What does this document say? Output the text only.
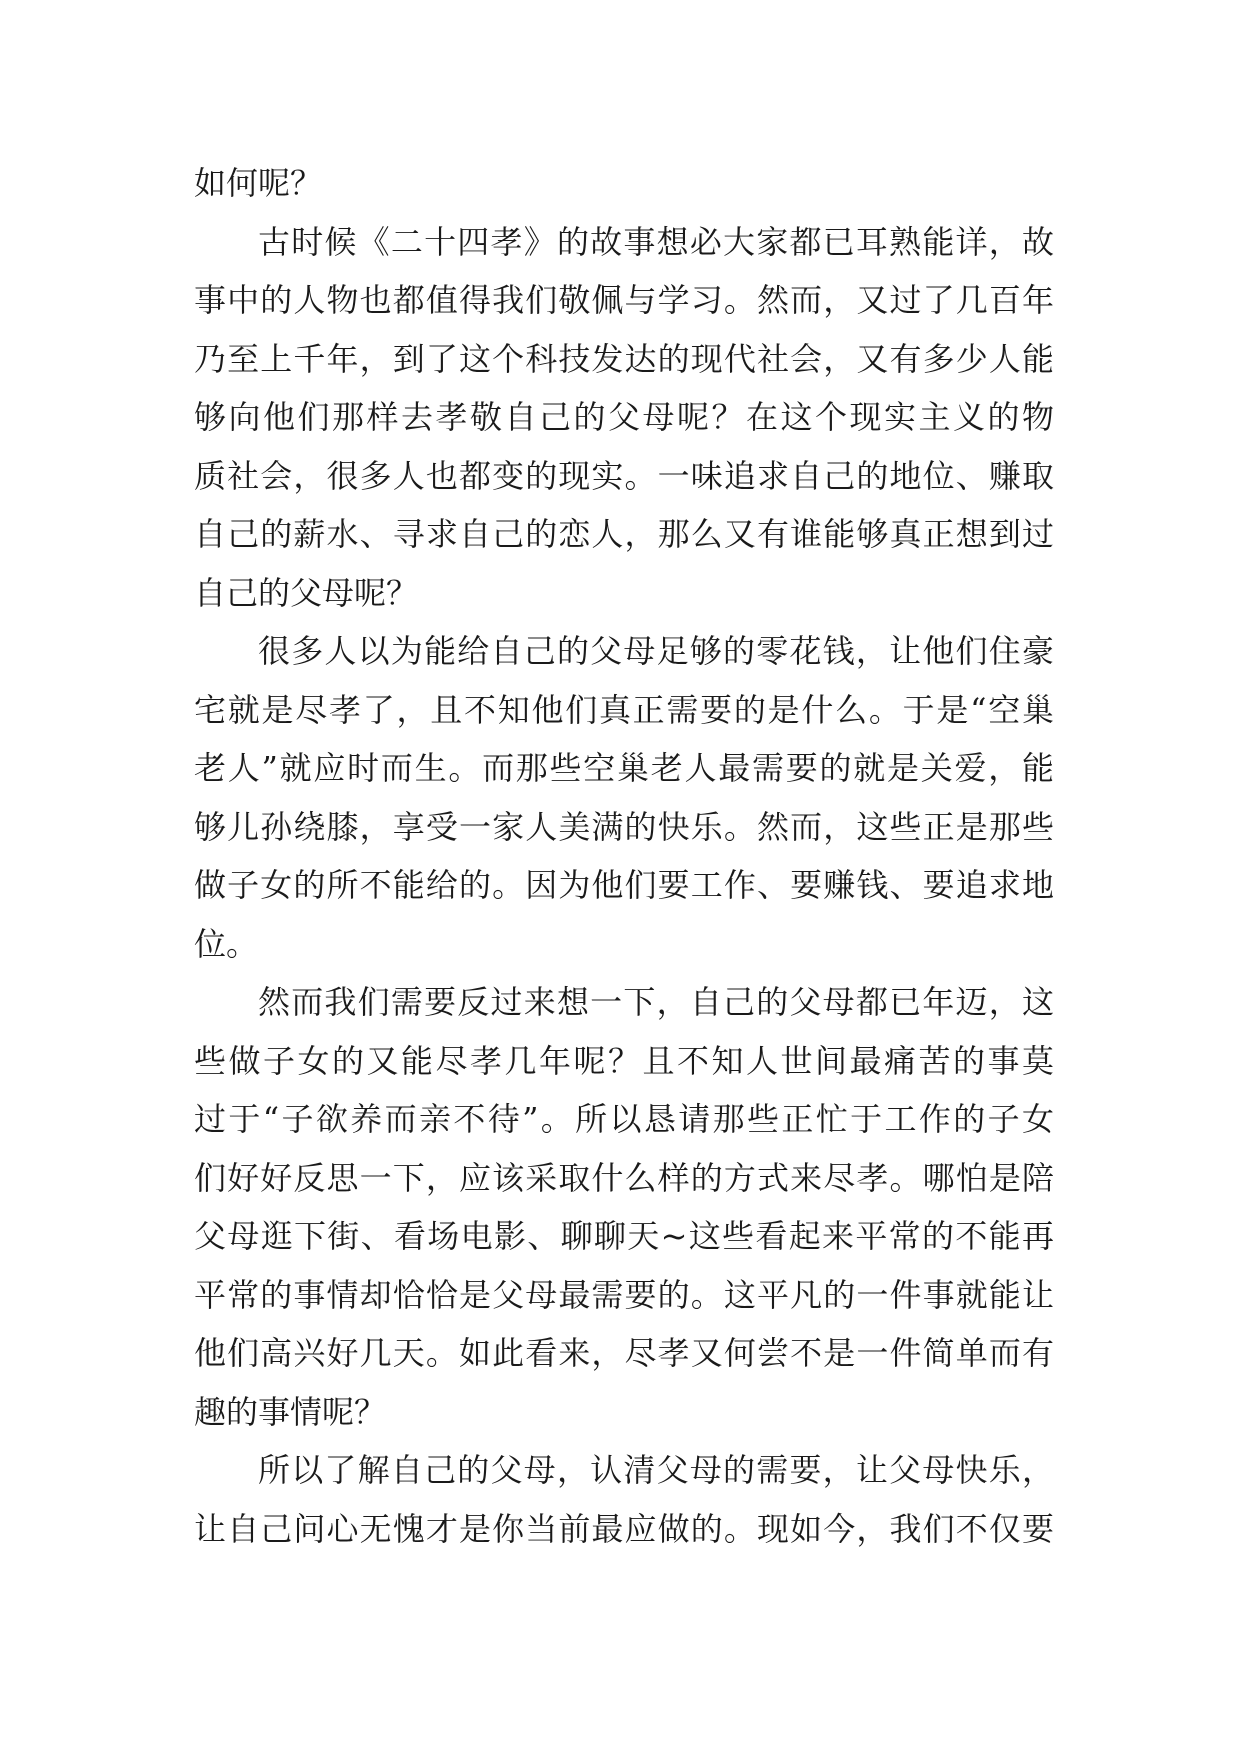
如何呢？
古时候《二十四孝》的故事想必大家都已耳熟能详，故
事中的人物也都值得我们敬佩与学习。然而，又过了几百年
乃至上千年，到了这个科技发达的现代社会，又有多少人能
够向他们那样去孝敬自己的父母呢？在这个现实主义的物
质社会，很多人也都变的现实。一味追求自己的地位、赚取
自己的薪水、寻求自己的恋人，那么又有谁能够真正想到过
自己的父母呢？
很多人以为能给自己的父母足够的零花钱，让他们住豪
宅就是尽孝了，且不知他们真正需要的是什么。于是“空巢
老人”就应时而生。而那些空巢老人最需要的就是关爱，能
够儿孙绕膝，享受一家人美满的快乐。然而，这些正是那些
做子女的所不能给的。因为他们要工作、要赚钱、要追求地
位。
然而我们需要反过来想一下，自己的父母都已年迈，这
些做子女的又能尽孝几年呢？且不知人世间最痛苦的事莫
过于“子欲养而亲不待”。所以恳请那些正忙于工作的子女
们好好反思一下，应该采取什么样的方式来尽孝。哪怕是陪
父母逛下街、看场电影、聊聊天~这些看起来平常的不能再
平常的事情却恰恰是父母最需要的。这平凡的一件事就能让
他们高兴好几天。如此看来，尽孝又何尝不是一件简单而有
趣的事情呢？
所以了解自己的父母，认清父母的需要，让父母快乐，
让自己问心无愧才是你当前最应做的。现如今，我们不仅要
